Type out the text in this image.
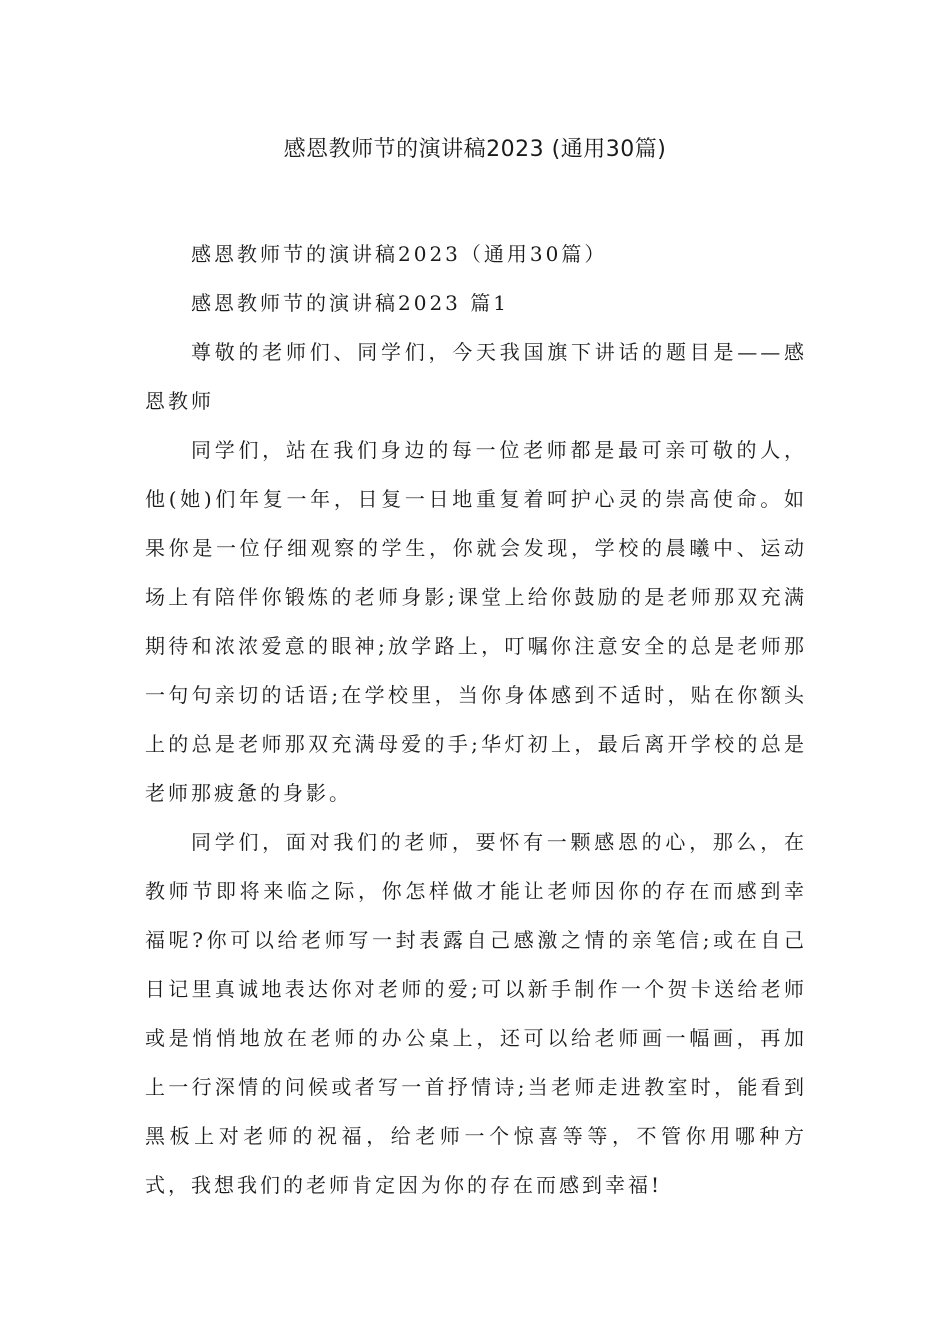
感恩教师节的演讲稿2023 (通用30篇)

感恩教师节的演讲稿2023（通用30篇）

感恩教师节的演讲稿2023 篇1

尊敬的老师们、同学们，今天我国旗下讲话的题目是——感恩教师

同学们，站在我们身边的每一位老师都是最可亲可敬的人，他(她)们年复一年，日复一日地重复着呵护心灵的崇高使命。如果你是一位仔细观察的学生，你就会发现，学校的晨曦中、运动场上有陪伴你锻炼的老师身影;课堂上给你鼓励的是老师那双充满期待和浓浓爱意的眼神;放学路上，叮嘱你注意安全的总是老师那一句句亲切的话语;在学校里，当你身体感到不适时，贴在你额头上的总是老师那双充满母爱的手;华灯初上，最后离开学校的总是老师那疲惫的身影。

同学们，面对我们的老师，要怀有一颗感恩的心，那么，在教师节即将来临之际，你怎样做才能让老师因你的存在而感到幸福呢?你可以给老师写一封表露自己感激之情的亲笔信;或在自己日记里真诚地表达你对老师的爱;可以新手制作一个贺卡送给老师或是悄悄地放在老师的办公桌上，还可以给老师画一幅画，再加上一行深情的问候或者写一首抒情诗;当老师走进教室时，能看到黑板上对老师的祝福，给老师一个惊喜等等，不管你用哪种方式，我想我们的老师肯定因为你的存在而感到幸福!
